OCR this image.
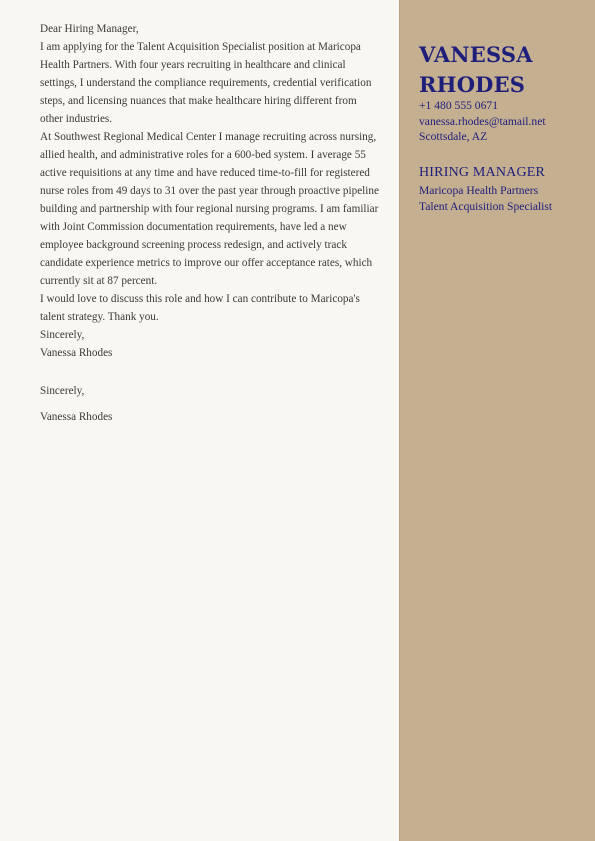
Dear Hiring Manager,

I am applying for the Talent Acquisition Specialist position at Maricopa Health Partners. With four years recruiting in healthcare and clinical settings, I understand the compliance requirements, credential verification steps, and licensing nuances that make healthcare hiring different from other industries.

At Southwest Regional Medical Center I manage recruiting across nursing, allied health, and administrative roles for a 600-bed system. I average 55 active requisitions at any time and have reduced time-to-fill for registered nurse roles from 49 days to 31 over the past year through proactive pipeline building and partnership with four regional nursing programs. I am familiar with Joint Commission documentation requirements, have led a new employee background screening process redesign, and actively track candidate experience metrics to improve our offer acceptance rates, which currently sit at 87 percent.

I would love to discuss this role and how I can contribute to Maricopa's talent strategy. Thank you.

Sincerely,

Vanessa Rhodes

Sincerely,

Vanessa Rhodes

VANESSA
RHODES
+1 480 555 0671
vanessa.rhodes@tamail.net
Scottsdale, AZ
HIRING MANAGER
Maricopa Health Partners
Talent Acquisition Specialist
